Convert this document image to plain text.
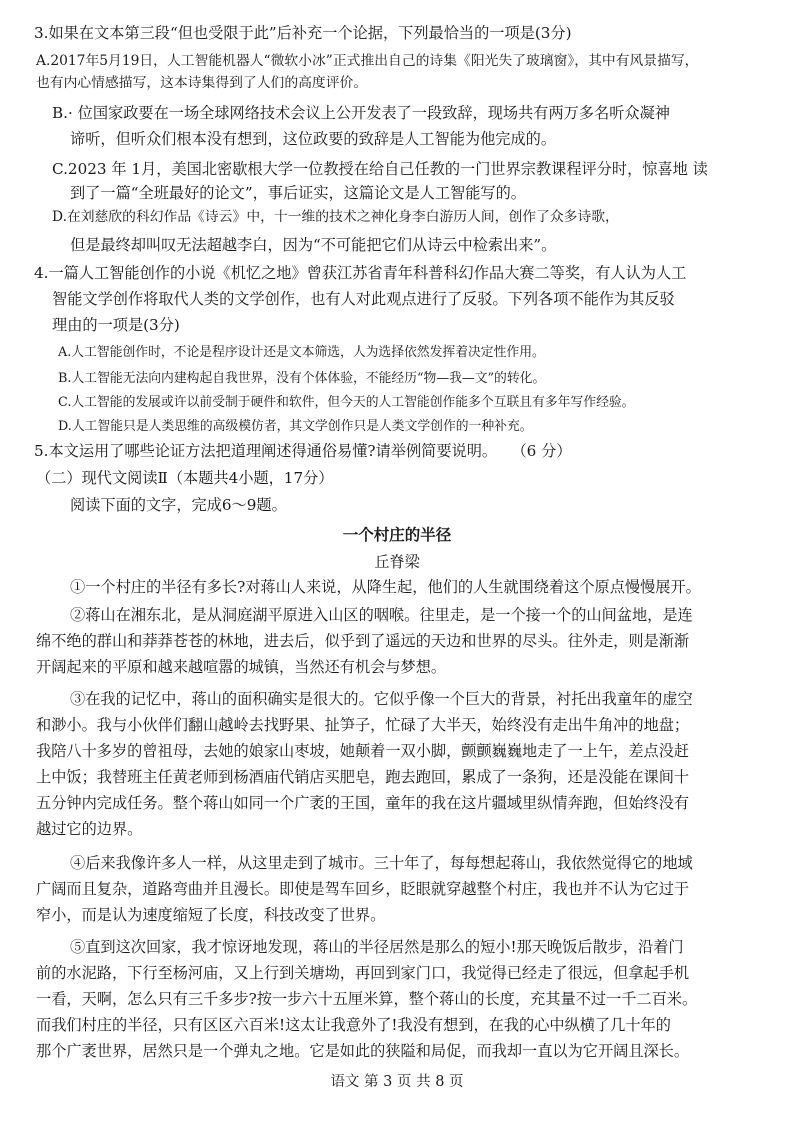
3.如果在文本第三段“但也受限于此”后补充一个论据，下列最恰当的一项是(3分)

A.2017年5月19日，人工智能机器人“微软小冰”正式推出自己的诗集《阳光失了玻璃窗》，其中有风景描写，

也有内心情感描写，这本诗集得到了人们的高度评价。

B.· 位国家政要在一场全球网络技术会议上公开发表了一段致辞，现场共有两万多名听众凝神

谛听，但听众们根本没有想到，这位政要的致辞是人工智能为他完成的。

C.2023 年 1月，美国北密歇根大学一位教授在给自己任教的一门世界宗教课程评分时，惊喜地 读

到了一篇“全班最好的论文”，事后证实，这篇论文是人工智能写的。

D.在刘慈欣的科幻作品《诗云》中，十一维的技术之神化身李白游历人间，创作了众多诗歌，

但是最终却叫叹无法超越李白，因为“不可能把它们从诗云中检索出来”。

4.一篇人工智能创作的小说《机忆之地》曾获江苏省青年科普科幻作品大赛二等奖，有人认为人工

智能文学创作将取代人类的文学创作，也有人对此观点进行了反驳。下列各项不能作为其反驳

理由的一项是(3分)

A.人工智能创作时，不论是程序设计还是文本筛选，人为选择依然发挥着决定性作用。

B.人工智能无法向内建构起自我世界，没有个体体验，不能经历“物—我—文”的转化。

C.人工智能的发展或许以前受制于硬件和软件，但今天的人工智能创作能多个互联且有多年写作经验。

D.人工智能只是人类思维的高级模仿者，其文学创作只是人类文学创作的一种补充。

5.本文运用了哪些论证方法把道理阐述得通俗易懂?请举例简要说明。 （6 分）

（二）现代文阅读Ⅱ（本题共4小题，17分）

阅读下面的文字，完成6～9题。

一个村庄的半径

丘脊梁

①一个村庄的半径有多长?对蒋山人来说，从降生起，他们的人生就围绕着这个原点慢慢展开。

②蒋山在湘东北，是从洞庭湖平原进入山区的咽喉。往里走，是一个接一个的山间盆地，是连

绵不绝的群山和莽莽苍苍的林地，进去后，似乎到了遥远的天边和世界的尽头。往外走，则是渐渐

开阔起来的平原和越来越喧嚣的城镇，当然还有机会与梦想。

③在我的记忆中，蒋山的面积确实是很大的。它似乎像一个巨大的背景，衬托出我童年的虚空

和渺小。我与小伙伴们翻山越岭去找野果、扯笋子，忙碌了大半天，始终没有走出牛角冲的地盘；

我陪八十多岁的曾祖母，去她的娘家山枣坡，她颠着一双小脚，颤颤巍巍地走了一上午，差点没赶

上中饭；我替班主任黄老师到杨酒庙代销店买肥皂，跑去跑回，累成了一条狗，还是没能在课间十

五分钟内完成任务。整个蒋山如同一个广袤的王国，童年的我在这片疆域里纵情奔跑，但始终没有

越过它的边界。

④后来我像许多人一样，从这里走到了城市。三十年了，每每想起蒋山，我依然觉得它的地域

广阔而且复杂，道路弯曲并且漫长。即使是驾车回乡，眨眼就穿越整个村庄，我也并不认为它过于

窄小，而是认为速度缩短了长度，科技改变了世界。

⑤直到这次回家，我才惊讶地发现，蒋山的半径居然是那么的短小!那天晚饭后散步，沿着门

前的水泥路，下行至杨河庙，又上行到关塘坳，再回到家门口，我觉得已经走了很远，但拿起手机

一看，天啊，怎么只有三千多步?按一步六十五厘米算，整个蒋山的长度，充其量不过一千二百米。

而我们村庄的半径，只有区区六百米!这太让我意外了!我没有想到，在我的心中纵横了几十年的

那个广袤世界，居然只是一个弹丸之地。它是如此的狭隘和局促，而我却一直以为它开阔且深长。

语文 第 3 页 共 8 页
